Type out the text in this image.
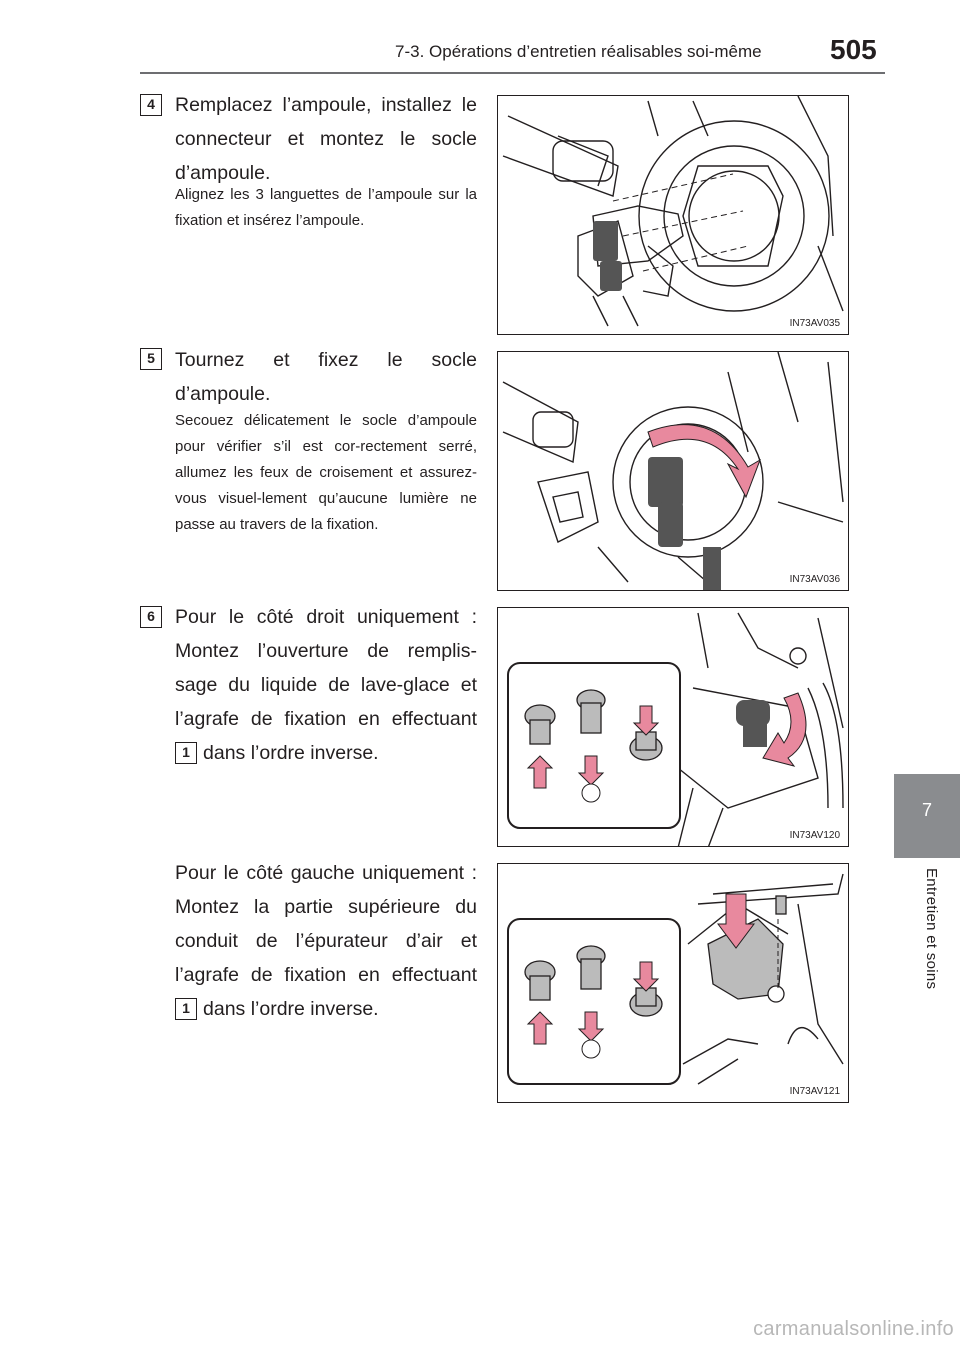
7-3. Opérations d’entretien réalisables soi-même 505
7
Entretien et soins
4	Remplacez l’ampoule, installez le connecteur et montez le socle d’ampoule.
Alignez les 3 languettes de l’ampoule sur la fixation et insérez l’ampoule.
IN73AV035
5	Tournez et fixez le socle d’ampoule.
Secouez délicatement le socle d’ampoule pour vérifier s’il est cor-rectement serré, allumez les feux de croisement et assurez-vous visuel-lement qu’aucune lumière ne passe au travers de la fixation.
IN73AV036
6	Pour le côté droit uniquement : Montez l’ouverture de remplis-sage du liquide de lave-glace et l’agrafe de fixation en effectuant 1 dans l’ordre inverse.
IN73AV120
Pour le côté gauche uniquement : Montez la partie supérieure du conduit de l’épurateur d’air et l’agrafe de fixation en effectuant 1 dans l’ordre inverse.
IN73AV121
carmanualsonline.info
